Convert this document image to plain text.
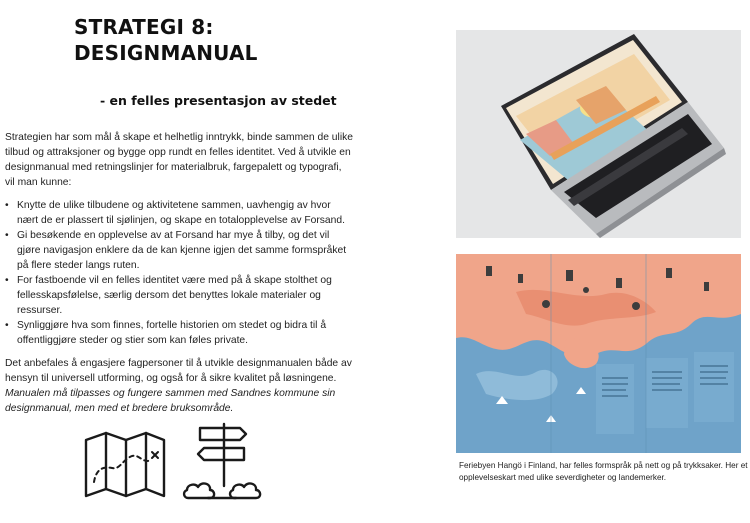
STRATEGI 8:
DESIGNMANUAL
- en felles presentasjon av stedet

Strategien har som mål å skape et helhetlig inntrykk, binde sammen de ulike tilbud og attraksjoner og bygge opp rundt en felles identitet. Ved å utvikle en designmanual med retningslinjer for materialbruk, fargepalett og typografi, vil man kunne:

• Knytte de ulike tilbudene og aktivitetene sammen, uavhengig av hvor nært de er plassert til sjølinjen, og skape en totalopplevelse av Forsand.
• Gi besøkende en opplevelse av at Forsand har mye å tilby, og det vil gjøre navigasjon enklere da de kan kjenne igjen det samme formspråket på flere steder langs ruten.
• For fastboende vil en felles identitet være med på å skape stolthet og fellesskapsfølelse, særlig dersom det benyttes lokale materialer og ressurser.
• Synliggjøre hva som finnes, fortelle historien om stedet og bidra til å offentliggjøre steder og stier som kan føles private.

Det anbefales å engasjere fagpersoner til å utvikle designmanualen både av hensyn til universell utforming, og også for å sikre kvalitet på løsningene.

Manualen må tilpasses og fungere sammen med Sandnes kommune sin designmanual, men med et bredere bruksområde.

Feriebyen Hangö i Finland, har felles formspråk på nett og på trykksaker. Her et opplevelseskart med ulike severdigheter og landemerker.
